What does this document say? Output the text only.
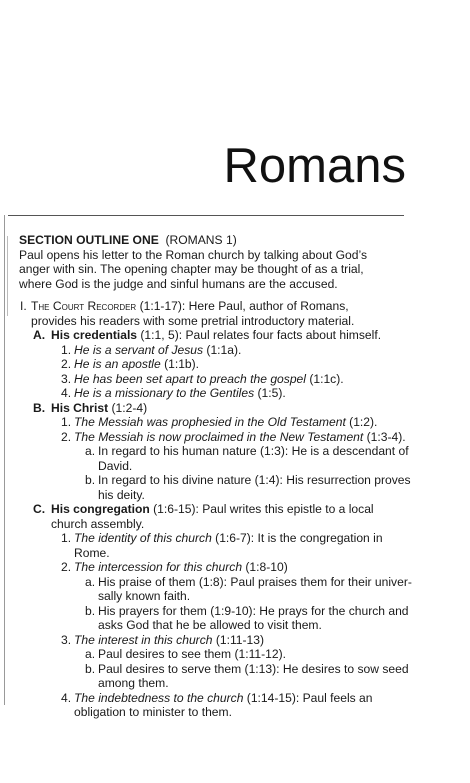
Romans

SECTION OUTLINE ONE (ROMANS 1)

Paul opens his letter to the Roman church by talking about God’s

anger with sin. The opening chapter may be thought of as a trial,

where God is the judge and sinful humans are the accused.

I. The Court Recorder (1:1-17): Here Paul, author of Romans,

provides his readers with some pretrial introductory material.

A. His credentials (1:1, 5): Paul relates four facts about himself.

1. He is a servant of Jesus (1:1a).

2. He is an apostle (1:1b).

3. He has been set apart to preach the gospel (1:1c).

4. He is a missionary to the Gentiles (1:5).

B. His Christ (1:2-4)

1. The Messiah was prophesied in the Old Testament (1:2).

2. The Messiah is now proclaimed in the New Testament (1:3-4).

a. In regard to his human nature (1:3): He is a descendant of

David.

b. In regard to his divine nature (1:4): His resurrection proves

his deity.

C. His congregation (1:6-15): Paul writes this epistle to a local

church assembly.

1. The identity of this church (1:6-7): It is the congregation in

Rome.

2. The intercession for this church (1:8-10)

a. His praise of them (1:8): Paul praises them for their univer-

sally known faith.

b. His prayers for them (1:9-10): He prays for the church and

asks God that he be allowed to visit them.

3. The interest in this church (1:11-13)

a. Paul desires to see them (1:11-12).

b. Paul desires to serve them (1:13): He desires to sow seed

among them.

4. The indebtedness to the church (1:14-15): Paul feels an

obligation to minister to them.
